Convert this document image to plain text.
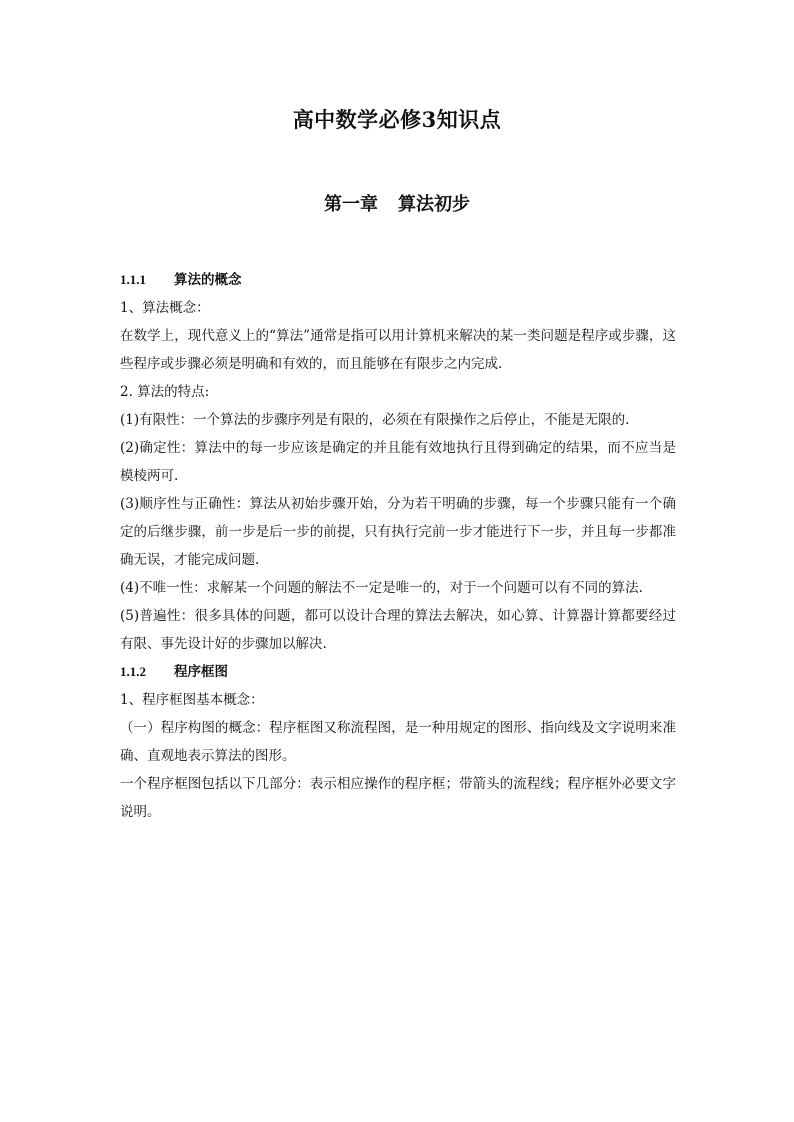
高中数学必修3知识点
第一章 算法初步

1.1.1 算法的概念

1、算法概念：

在数学上，现代意义上的“算法”通常是指可以用计算机来解决的某一类问题是程序或步骤，这些程序或步骤必须是明确和有效的，而且能够在有限步之内完成.

2. 算法的特点:

(1)有限性：一个算法的步骤序列是有限的，必须在有限操作之后停止，不能是无限的.

(2)确定性：算法中的每一步应该是确定的并且能有效地执行且得到确定的结果，而不应当是模棱两可.

(3)顺序性与正确性：算法从初始步骤开始，分为若干明确的步骤，每一个步骤只能有一个确定的后继步骤，前一步是后一步的前提，只有执行完前一步才能进行下一步，并且每一步都准确无误，才能完成问题.

(4)不唯一性：求解某一个问题的解法不一定是唯一的，对于一个问题可以有不同的算法.

(5)普遍性：很多具体的问题，都可以设计合理的算法去解决，如心算、计算器计算都要经过有限、事先设计好的步骤加以解决.

1.1.2 程序框图

1、程序框图基本概念：

（一）程序构图的概念：程序框图又称流程图，是一种用规定的图形、指向线及文字说明来准确、直观地表示算法的图形。

一个程序框图包括以下几部分：表示相应操作的程序框；带箭头的流程线；程序框外必要文字说明。
